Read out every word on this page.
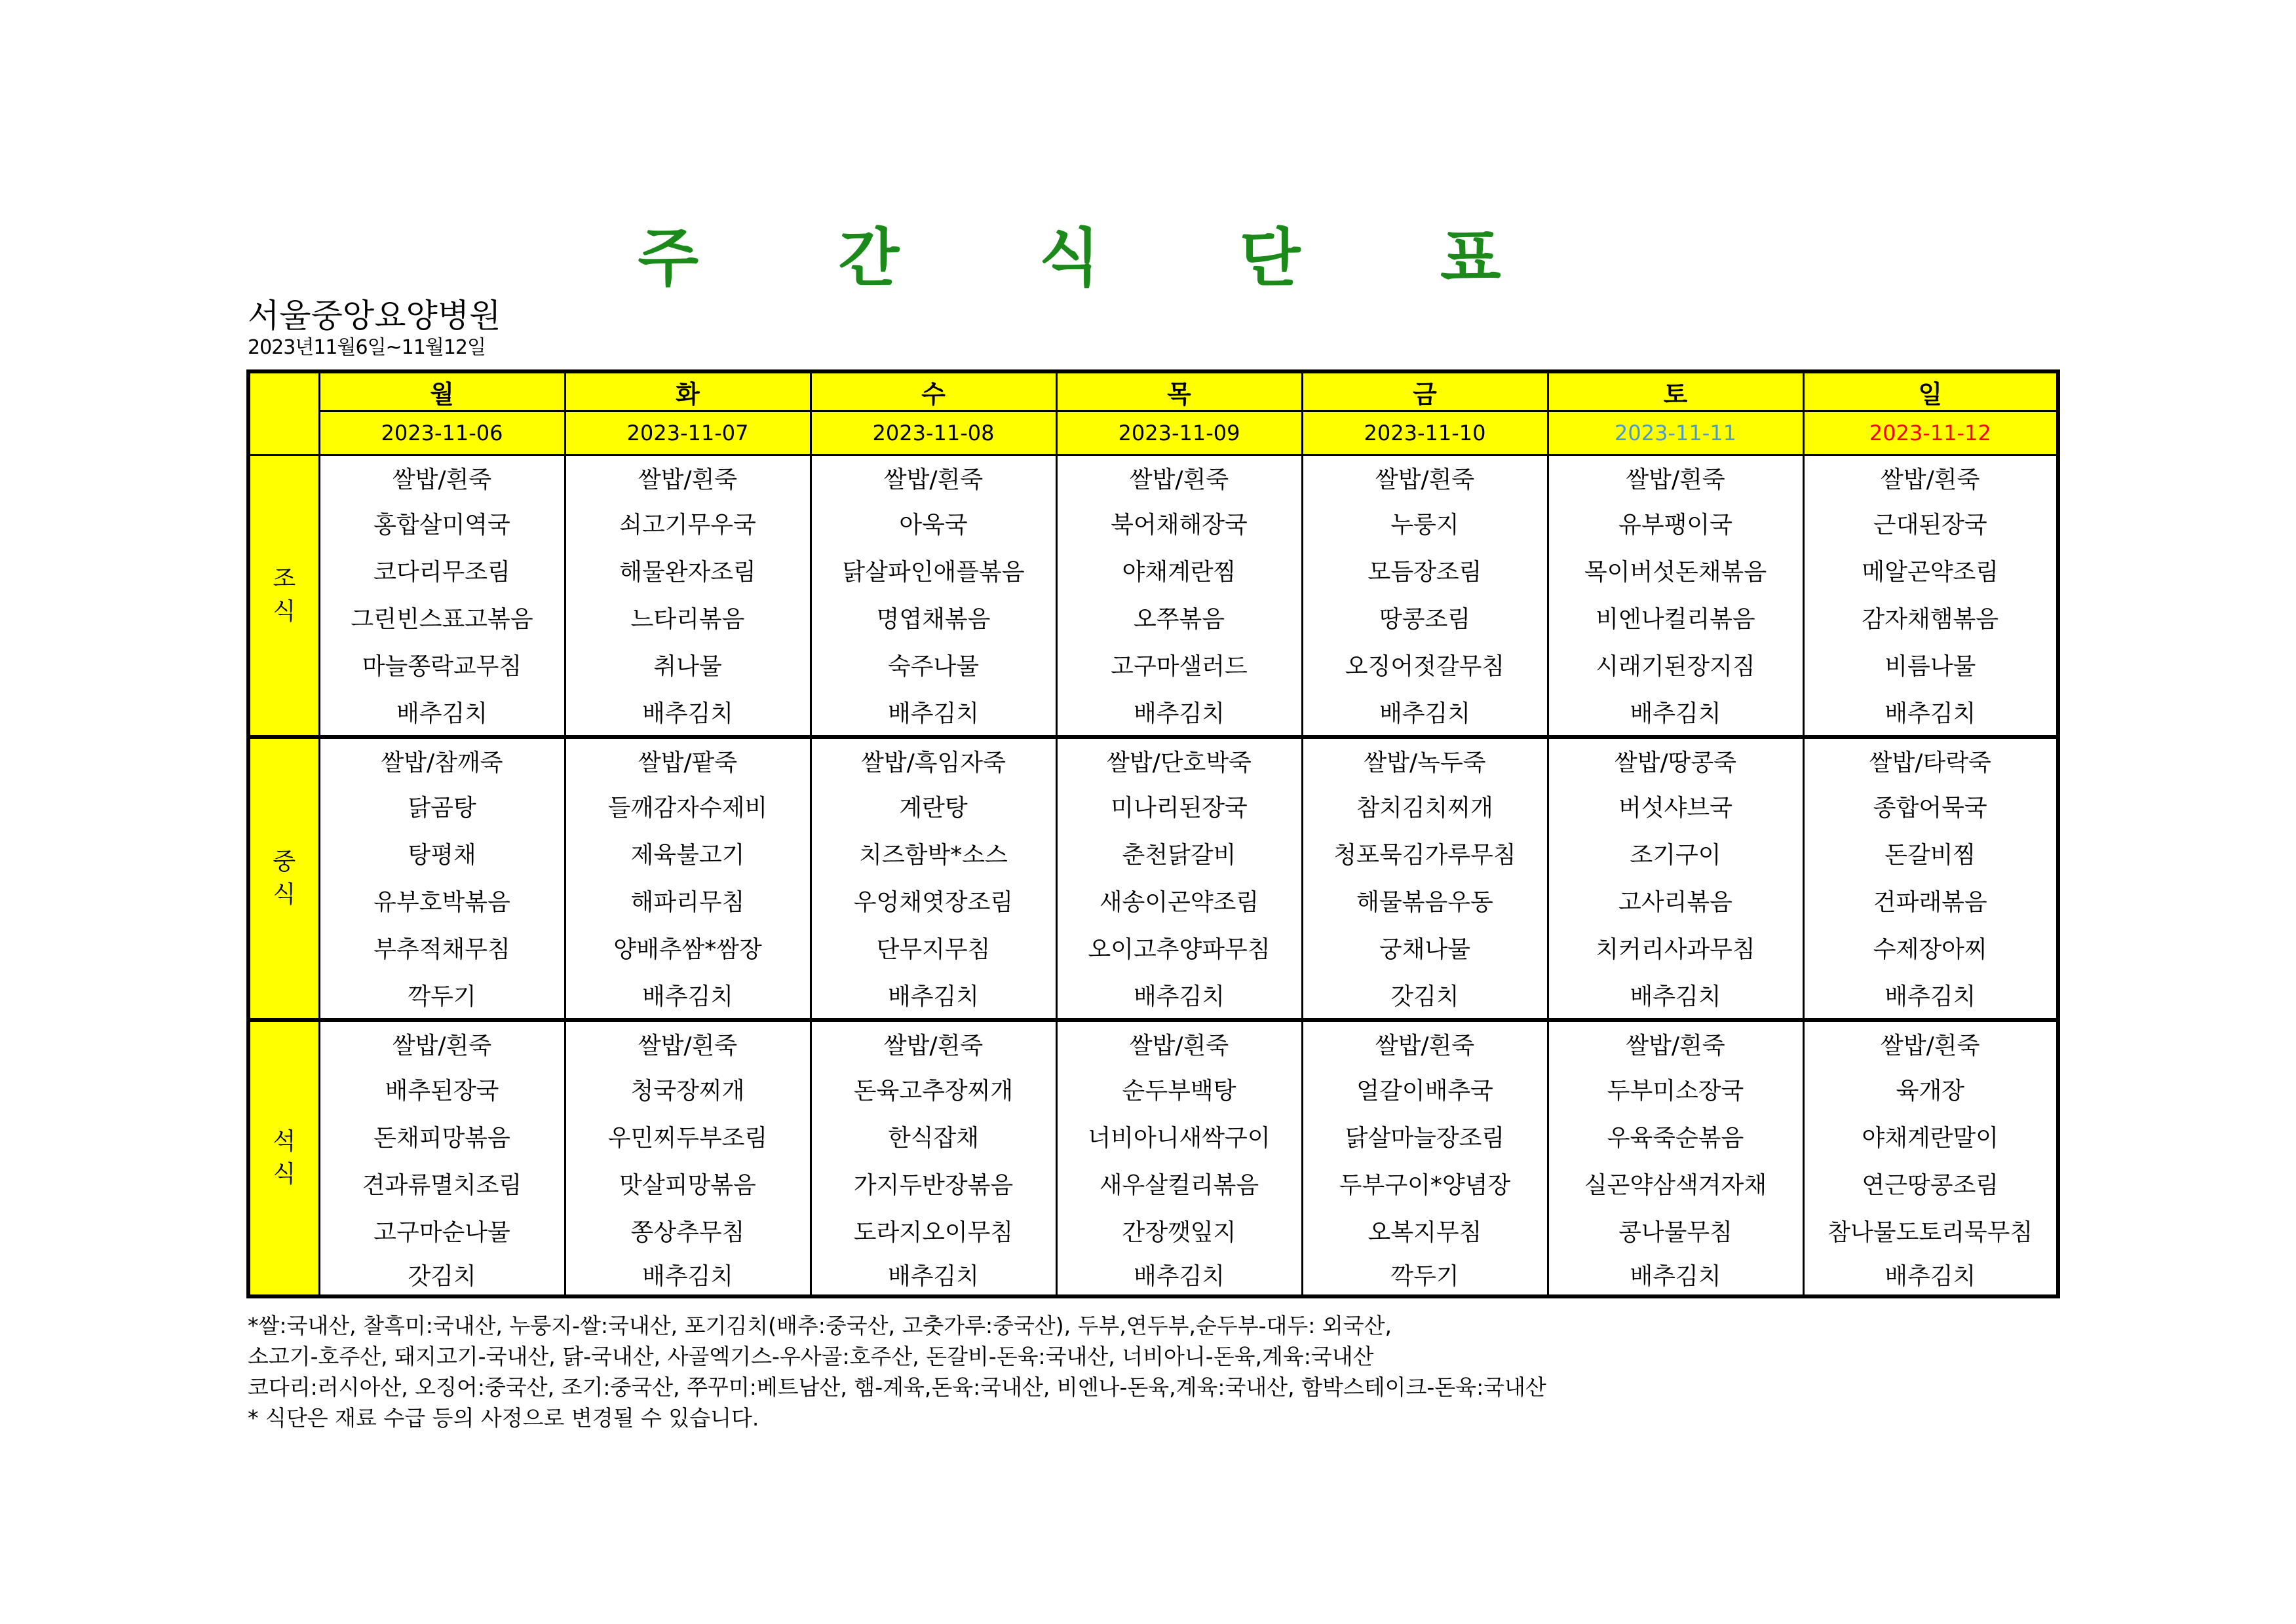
주 간 식 단 표
서울중앙요양병원
2023년11월6일~11월12일
	월	화	수	목	금	토	일
	2023-11-06	2023-11-07	2023-11-08	2023-11-09	2023-11-10	2023-11-11	2023-11-12
조
식	쌀밥/흰죽	쌀밥/흰죽	쌀밥/흰죽	쌀밥/흰죽	쌀밥/흰죽	쌀밥/흰죽	쌀밥/흰죽
	홍합살미역국	쇠고기무우국	아욱국	북어채해장국	누룽지	유부팽이국	근대된장국
	코다리무조림	해물완자조림	닭살파인애플볶음	야채계란찜	모듬장조림	목이버섯돈채볶음	메알곤약조림
	그린빈스표고볶음	느타리볶음	명엽채볶음	오쭈볶음	땅콩조림	비엔나컬리볶음	감자채햄볶음
	마늘쫑락교무침	취나물	숙주나물	고구마샐러드	오징어젓갈무침	시래기된장지짐	비름나물
	배추김치	배추김치	배추김치	배추김치	배추김치	배추김치	배추김치
중
식	쌀밥/참깨죽	쌀밥/팥죽	쌀밥/흑임자죽	쌀밥/단호박죽	쌀밥/녹두죽	쌀밥/땅콩죽	쌀밥/타락죽
	닭곰탕	들깨감자수제비	계란탕	미나리된장국	참치김치찌개	버섯샤브국	종합어묵국
	탕평채	제육불고기	치즈함박*소스	춘천닭갈비	청포묵김가루무침	조기구이	돈갈비찜
	유부호박볶음	해파리무침	우엉채엿장조림	새송이곤약조림	해물볶음우동	고사리볶음	건파래볶음
	부추적채무침	양배추쌈*쌈장	단무지무침	오이고추양파무침	궁채나물	치커리사과무침	수제장아찌
	깍두기	배추김치	배추김치	배추김치	갓김치	배추김치	배추김치
석
식	쌀밥/흰죽	쌀밥/흰죽	쌀밥/흰죽	쌀밥/흰죽	쌀밥/흰죽	쌀밥/흰죽	쌀밥/흰죽
	배추된장국	청국장찌개	돈육고추장찌개	순두부백탕	얼갈이배추국	두부미소장국	육개장
	돈채피망볶음	우민찌두부조림	한식잡채	너비아니새싹구이	닭살마늘장조림	우육죽순볶음	야채계란말이
	견과류멸치조림	맛살피망볶음	가지두반장볶음	새우살컬리볶음	두부구이*양념장	실곤약삼색겨자채	연근땅콩조림
	고구마순나물	쫑상추무침	도라지오이무침	간장깻잎지	오복지무침	콩나물무침	참나물도토리묵무침
	갓김치	배추김치	배추김치	배추김치	깍두기	배추김치	배추김치
*쌀:국내산, 찰흑미:국내산, 누룽지-쌀:국내산, 포기김치(배추:중국산, 고춧가루:중국산), 두부,연두부,순두부-대두: 외국산,
소고기-호주산, 돼지고기-국내산, 닭-국내산, 사골엑기스-우사골:호주산, 돈갈비-돈육:국내산, 너비아니-돈육,계육:국내산
코다리:러시아산, 오징어:중국산, 조기:중국산, 쭈꾸미:베트남산, 햄-계육,돈육:국내산, 비엔나-돈육,계육:국내산, 함박스테이크-돈육:국내산
* 식단은 재료 수급 등의 사정으로 변경될 수 있습니다.
